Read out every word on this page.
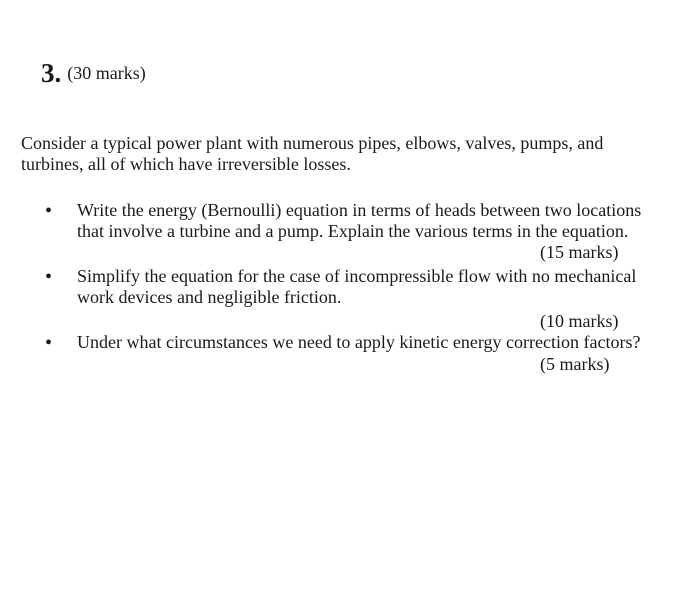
3. (30 marks)
Consider a typical power plant with numerous pipes, elbows, valves, pumps, and
turbines, all of which have irreversible losses.
• Write the energy (Bernoulli) equation in terms of heads between two locations
that involve a turbine and a pump. Explain the various terms in the equation.
(15 marks)
• Simplify the equation for the case of incompressible flow with no mechanical
work devices and negligible friction.
(10 marks)
• Under what circumstances we need to apply kinetic energy correction factors?
(5 marks)
